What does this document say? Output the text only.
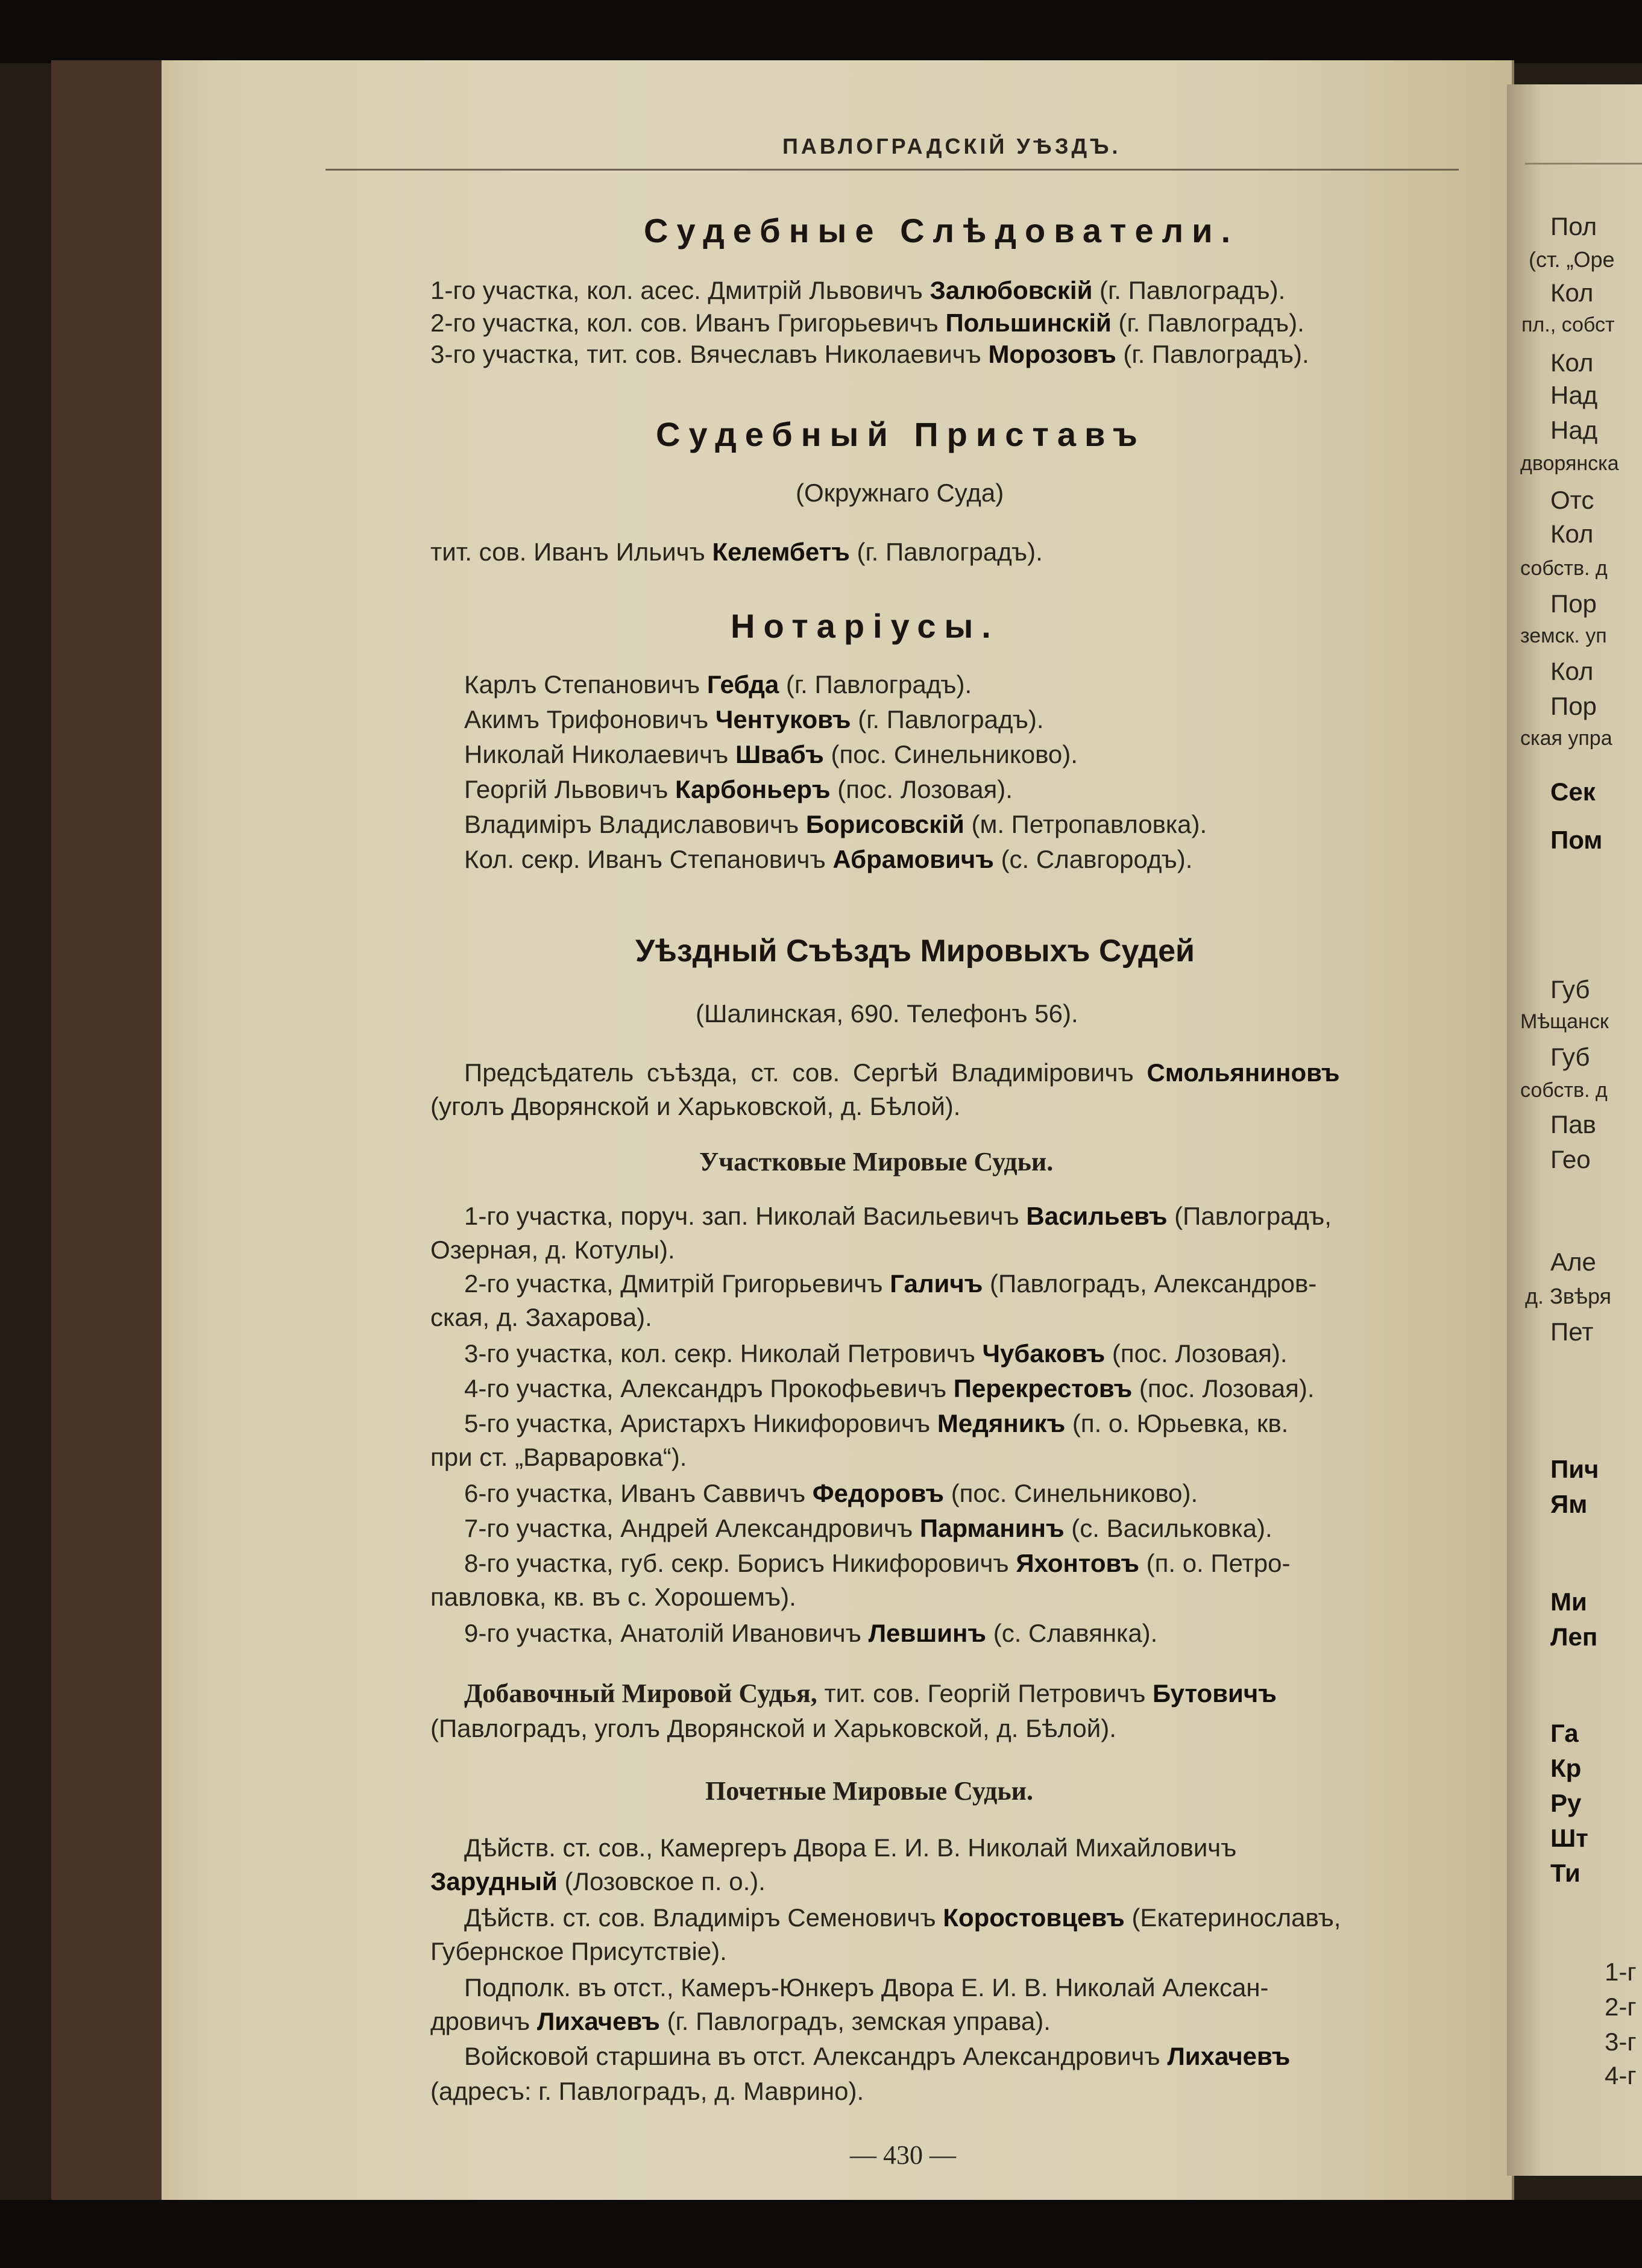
ПАВЛОГРАДСКІЙ УѢЗДЪ.
Судебные Слѣдователи.
1-го участка, кол. асес. Дмитрій Львовичъ Залюбовскій (г. Павлоградъ).
2-го участка, кол. сов. Иванъ Григорьевичъ Польшинскій (г. Павлоградъ).
3-го участка, тит. сов. Вячеславъ Николаевичъ Морозовъ (г. Павлоградъ).
Судебный Приставъ
(Окружнаго Суда)
тит. сов. Иванъ Ильичъ Келембетъ (г. Павлоградъ).
Нотаріусы.
Карлъ Степановичъ Гебда (г. Павлоградъ).
Акимъ Трифоновичъ Чентуковъ (г. Павлоградъ).
Николай Николаевичъ Швабъ (пос. Синельниково).
Георгій Львовичъ Карбоньеръ (пос. Лозовая).
Владиміръ Владиславовичъ Борисовскій (м. Петропавловка).
Кол. секр. Иванъ Степановичъ Абрамовичъ (с. Славгородъ).
Уѣздный Съѣздъ Мировыхъ Судей
(Шалинская, 690. Телефонъ 56).
Предсѣдатель съѣзда, ст. сов. Сергѣй Владиміровичъ Смольяниновъ
(уголъ Дворянской и Харьковской, д. Бѣлой).
Участковые Мировые Судьи.
1-го участка, поруч. зап. Николай Васильевичъ Васильевъ (Павлоградъ,
Озерная, д. Котулы).
2-го участка, Дмитрій Григорьевичъ Галичъ (Павлоградъ, Александров-
ская, д. Захарова).
3-го участка, кол. секр. Николай Петровичъ Чубаковъ (пос. Лозовая).
4-го участка, Александръ Прокофьевичъ Перекрестовъ (пос. Лозовая).
5-го участка, Аристархъ Никифоровичъ Медяникъ (п. о. Юрьевка, кв.
при ст. „Варваровка“).
6-го участка, Иванъ Саввичъ Федоровъ (пос. Синельниково).
7-го участка, Андрей Александровичъ Парманинъ (с. Васильковка).
8-го участка, губ. секр. Борисъ Никифоровичъ Яхонтовъ (п. о. Петро-
павловка, кв. въ с. Хорошемъ).
9-го участка, Анатолій Ивановичъ Левшинъ (с. Славянка).
Добавочный Мировой Судья, тит. сов. Георгій Петровичъ Бутовичъ
(Павлоградъ, уголъ Дворянской и Харьковской, д. Бѣлой).
Почетные Мировые Судьи.
Дѣйств. ст. сов., Камергеръ Двора Е. И. В. Николай Михайловичъ
Зарудный (Лозовское п. о.).
Дѣйств. ст. сов. Владиміръ Семеновичъ Коростовцевъ (Екатеринославъ,
Губернское Присутствіе).
Подполк. въ отст., Камеръ-Юнкеръ Двора Е. И. В. Николай Алексан-
дровичъ Лихачевъ (г. Павлоградъ, земская управа).
Войсковой старшина въ отст. Александръ Александровичъ Лихачевъ
(адресъ: г. Павлоградъ, д. Маврино).
— 430 —
Пол
(ст. „Оре
Кол
пл., собст
Кол
Над
Над
дворянска
Отс
Кол
собств. д
Пор
земск. уп
Кол
Пор
ская упра
Сек
Пом
Губ
Мѣщанск
Губ
собств. д
Пав
Гео
Але
д. Звѣря
Пет
Пич
Ям
Ми
Леп
Га
Кр
Ру
Шт
Ти
1-г
2-г
3-г
4-г
